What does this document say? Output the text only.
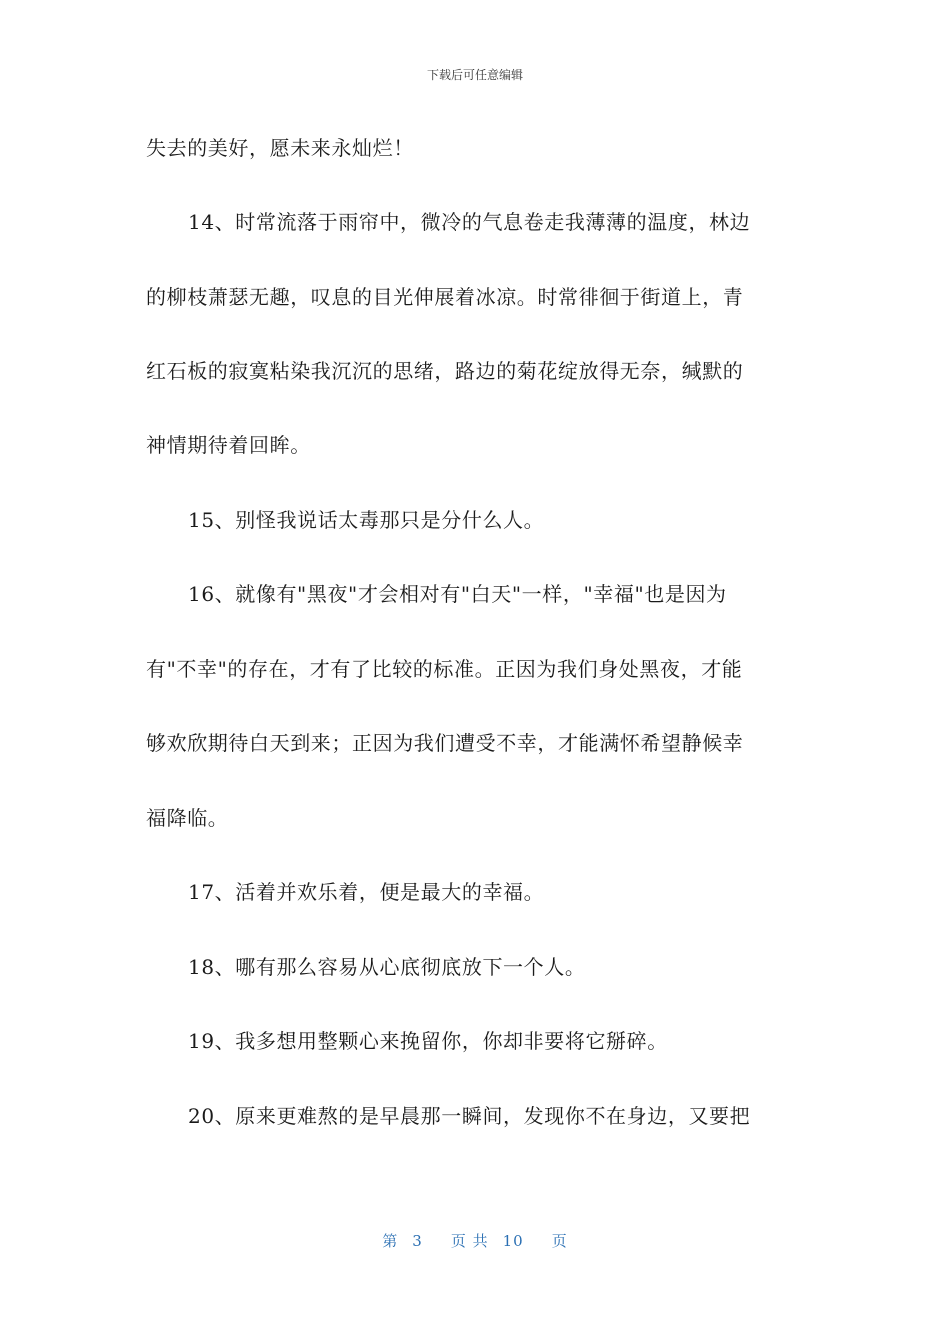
下载后可任意编辑
失去的美好，愿未来永灿烂！
14、时常流落于雨帘中，微冷的气息卷走我薄薄的温度，林边
的柳枝萧瑟无趣，叹息的目光伸展着冰凉。时常徘徊于街道上，青
红石板的寂寞粘染我沉沉的思绪，路边的菊花绽放得无奈，缄默的
神情期待着回眸。
15、别怪我说话太毒那只是分什么人。
16、就像有"黑夜"才会相对有"白天"一样，"幸福"也是因为
有"不幸"的存在，才有了比较的标准。正因为我们身处黑夜，才能
够欢欣期待白天到来；正因为我们遭受不幸，才能满怀希望静候幸
福降临。
17、活着并欢乐着，便是最大的幸福。
18、哪有那么容易从心底彻底放下一个人。
19、我多想用整颗心来挽留你，你却非要将它掰碎。
20、原来更难熬的是早晨那一瞬间，发现你不在身边，又要把
第 3 页 共 10 页
